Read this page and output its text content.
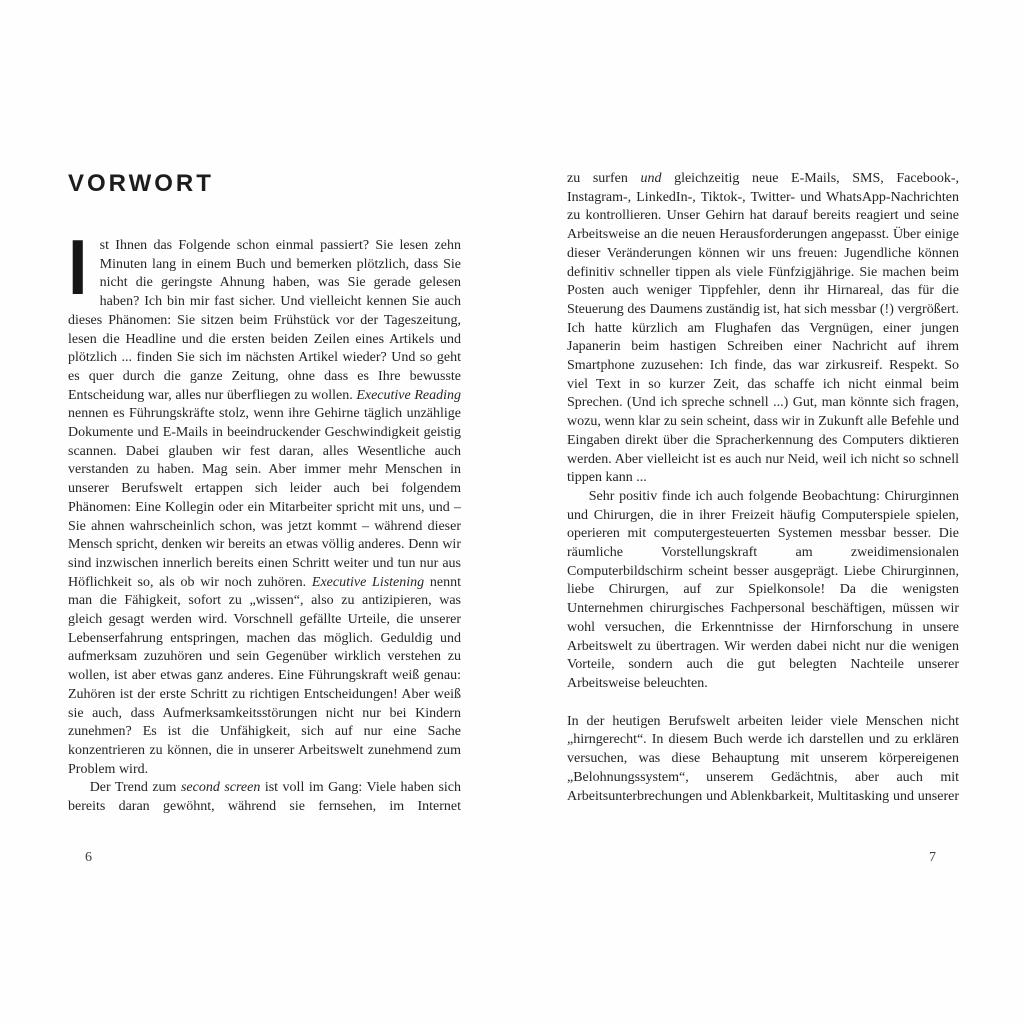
VORWORT

Ist Ihnen das Folgende schon einmal passiert? Sie lesen zehn Minuten lang in einem Buch und bemerken plötzlich, dass Sie nicht die geringste Ahnung haben, was Sie gerade gelesen haben? Ich bin mir fast sicher. Und vielleicht kennen Sie auch dieses Phänomen: Sie sitzen beim Frühstück vor der Tageszeitung, lesen die Headline und die ersten beiden Zeilen eines Artikels und plötzlich ... finden Sie sich im nächsten Artikel wieder? Und so geht es quer durch die ganze Zeitung, ohne dass es Ihre bewusste Entscheidung war, alles nur überfliegen zu wollen. Executive Reading nennen es Führungskräfte stolz, wenn ihre Gehirne täglich unzählige Dokumente und E-Mails in beeindruckender Geschwindigkeit geistig scannen. Dabei glauben wir fest daran, alles Wesentliche auch verstanden zu haben. Mag sein. Aber immer mehr Menschen in unserer Berufswelt ertappen sich leider auch bei folgendem Phänomen: Eine Kollegin oder ein Mitarbeiter spricht mit uns, und – Sie ahnen wahrscheinlich schon, was jetzt kommt – während dieser Mensch spricht, denken wir bereits an etwas völlig anderes. Denn wir sind inzwischen innerlich bereits einen Schritt weiter und tun nur aus Höflichkeit so, als ob wir noch zuhören. Executive Listening nennt man die Fähigkeit, sofort zu „wissen“, also zu antizipieren, was gleich gesagt werden wird. Vorschnell gefällte Urteile, die unserer Lebenserfahrung entspringen, machen das möglich. Geduldig und aufmerksam zuzuhören und sein Gegenüber wirklich verstehen zu wollen, ist aber etwas ganz anderes. Eine Führungskraft weiß genau: Zuhören ist der erste Schritt zu richtigen Entscheidungen! Aber weiß sie auch, dass Aufmerksamkeitsstörungen nicht nur bei Kindern zunehmen? Es ist die Unfähigkeit, sich auf nur eine Sache konzentrieren zu können, die in unserer Arbeitswelt zunehmend zum Problem wird.

Der Trend zum second screen ist voll im Gang: Viele haben sich bereits daran gewöhnt, während sie fernsehen, im Internet

zu surfen und gleichzeitig neue E-Mails, SMS, Facebook-, Instagram-, LinkedIn-, Tiktok-, Twitter- und WhatsApp-Nachrichten zu kontrollieren. Unser Gehirn hat darauf bereits reagiert und seine Arbeitsweise an die neuen Herausforderungen angepasst. Über einige dieser Veränderungen können wir uns freuen: Jugendliche können definitiv schneller tippen als viele Fünfzigjährige. Sie machen beim Posten auch weniger Tippfehler, denn ihr Hirnareal, das für die Steuerung des Daumens zuständig ist, hat sich messbar (!) vergrößert. Ich hatte kürzlich am Flughafen das Vergnügen, einer jungen Japanerin beim hastigen Schreiben einer Nachricht auf ihrem Smartphone zuzusehen: Ich finde, das war zirkusreif. Respekt. So viel Text in so kurzer Zeit, das schaffe ich nicht einmal beim Sprechen. (Und ich spreche schnell ...) Gut, man könnte sich fragen, wozu, wenn klar zu sein scheint, dass wir in Zukunft alle Befehle und Eingaben direkt über die Spracherkennung des Computers diktieren werden. Aber vielleicht ist es auch nur Neid, weil ich nicht so schnell tippen kann ...

Sehr positiv finde ich auch folgende Beobachtung: Chirurginnen und Chirurgen, die in ihrer Freizeit häufig Computerspiele spielen, operieren mit computergesteuerten Systemen messbar besser. Die räumliche Vorstellungskraft am zweidimensionalen Computerbildschirm scheint besser ausgeprägt. Liebe Chirurginnen, liebe Chirurgen, auf zur Spielkonsole! Da die wenigsten Unternehmen chirurgisches Fachpersonal beschäftigen, müssen wir wohl versuchen, die Erkenntnisse der Hirnforschung in unsere Arbeitswelt zu übertragen. Wir werden dabei nicht nur die wenigen Vorteile, sondern auch die gut belegten Nachteile unserer Arbeitsweise beleuchten.

In der heutigen Berufswelt arbeiten leider viele Menschen nicht „hirngerecht“. In diesem Buch werde ich darstellen und zu erklären versuchen, was diese Behauptung mit unserem körpereigenen „Belohnungssystem“, unserem Gedächtnis, aber auch mit Arbeitsunterbrechungen und Ablenkbarkeit, Multitasking und unserer

6	7
